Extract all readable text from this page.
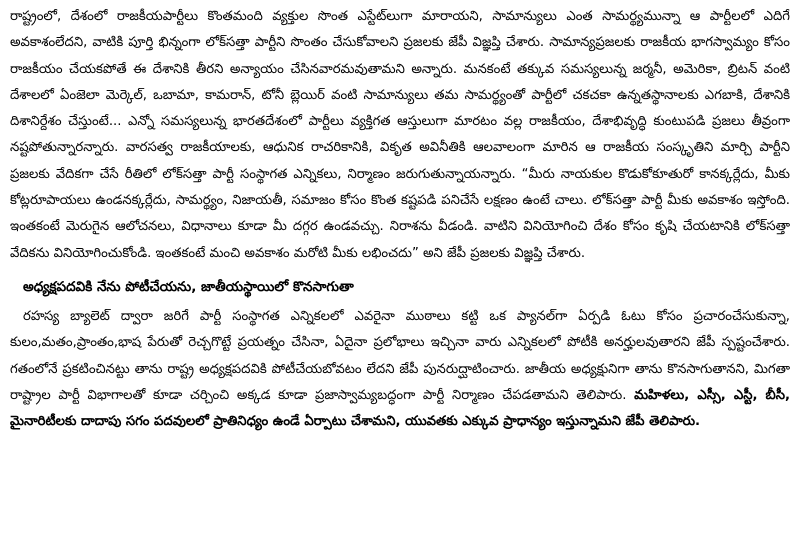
రాష్ట్రంలో, దేశంలో రాజకీయపార్టీలు కొంతమంది వ్యక్తుల సొంత ఎస్టేట్‌లుగా మారాయని, సామాన్యులు ఎంత సామర్థ్యమున్నా ఆ పార్టీలలో ఎదిగే అవకాశంలేదని, వాటికి పూర్తి భిన్నంగా లోక్‌సత్తా పార్టీని సొంతం చేసుకోవాలని ప్రజలకు జేపీ విజ్ఞప్తి చేశారు. సామాన్యప్రజలకు రాజకీయ భాగస్వామ్యం కోసం రాజకీయం చేయకపోతే ఈ దేశానికి తీరని అన్యాయం చేసినవారమవుతామని అన్నారు. మనకంటే తక్కువ సమస్యలున్న జర్మనీ, అమెరికా, బ్రిటన్ వంటి దేశాలలో ఏంజెలా మెర్కెల్, ఒబామా, కామరాన్, టోనీ బ్లెయిర్ వంటి సామాన్యులు తమ సామర్థ్యంతో పార్టీలో చకచకా ఉన్నతస్థానాలకు ఎగబాకి, దేశానికి దిశానిర్దేశం చేస్తుంటే... ఎన్నో సమస్యలున్న భారతదేశంలో పార్టీలు వ్యక్తిగత ఆస్తులుగా మారటం వల్ల రాజకీయం, దేశాభివృద్ధి కుంటుపడి ప్రజలు తీవ్రంగా నష్టపోతున్నారన్నారు. వారసత్వ రాజకీయాలకు, ఆధునిక రాచరికానికి, వికృత అవినీతికి ఆలవాలంగా మారిన ఆ రాజకీయ సంస్కృతిని మార్చి పార్టీని ప్రజలకు వేదికగా చేసే రీతిలో లోక్‌సత్తా పార్టీ సంస్థాగత ఎన్నికలు, నిర్మాణం జరుగుతున్నాయన్నారు. “మీరు నాయకుల కొడుకోకూతురో కానక్కర్లేదు, మీకు కోట్లరూపాయలు ఉండనక్కర్లేదు, సామర్థ్యం, నిజాయతీ, సమాజం కోసం కొంత కష్టపడి పనిచేసే లక్షణం ఉంటే చాలు. లోక్‌సత్తా పార్టీ మీకు అవకాశం ఇస్తోంది. ఇంతకంటే మెరుగైన ఆలోచనలు, విధానాలు కూడా మీ దగ్గర ఉండవచ్చు. నిరాశను వీడండి. వాటిని వినియోగించి దేశం కోసం కృషి చేయటానికి లోక్‌సత్తా వేదికను వినియోగించుకోండి. ఇంతకంటే మంచి అవకాశం మరోటి మీకు లభించదు” అని జేపీ ప్రజలకు విజ్ఞప్తి చేశారు.

అధ్యక్షపదవికి నేను పోటీచేయను, జాతీయస్థాయిలో కొనసాగుతా

రహస్య బ్యాలెట్ ద్వారా జరిగే పార్టీ సంస్థాగత ఎన్నికలలో ఎవరైనా ముఠాలు కట్టి ఒక ప్యానల్‌గా ఏర్పడి ఓటు కోసం ప్రచారంచేసుకున్నా, కులం,మతం,ప్రాంతం,భాష పేరుతో రెచ్చగొట్టే ప్రయత్నం చేసినా, ఏదైనా ప్రలోభాలు ఇచ్చినా వారు ఎన్నికలలో పోటీకి అనర్హులవుతారని జేపీ స్పష్టంచేశారు. గతంలోనే ప్రకటించినట్టు తాను రాష్ట్ర అధ్యక్షపదవికి పోటీచేయబోవటం లేదని జేపీ పునరుద్ఘాటించారు. జాతీయ అధ్యక్షునిగా తాను కొనసాగుతానని, మిగతా రాష్ట్రాల పార్టీ విభాగాలతో కూడా చర్చించి అక్కడ కూడా ప్రజాస్వామ్యబద్ధంగా పార్టీ నిర్మాణం చేపడతామని తెలిపారు. మహిళలు, ఎస్సీ, ఎస్టీ, బీసీ, మైనారిటీలకు దాదాపు సగం పదవులలో ప్రాతినిధ్యం ఉండే ఏర్పాటు చేశామని, యువతకు ఎక్కువ ప్రాధాన్యం ఇస్తున్నామని జేపీ తెలిపారు.
